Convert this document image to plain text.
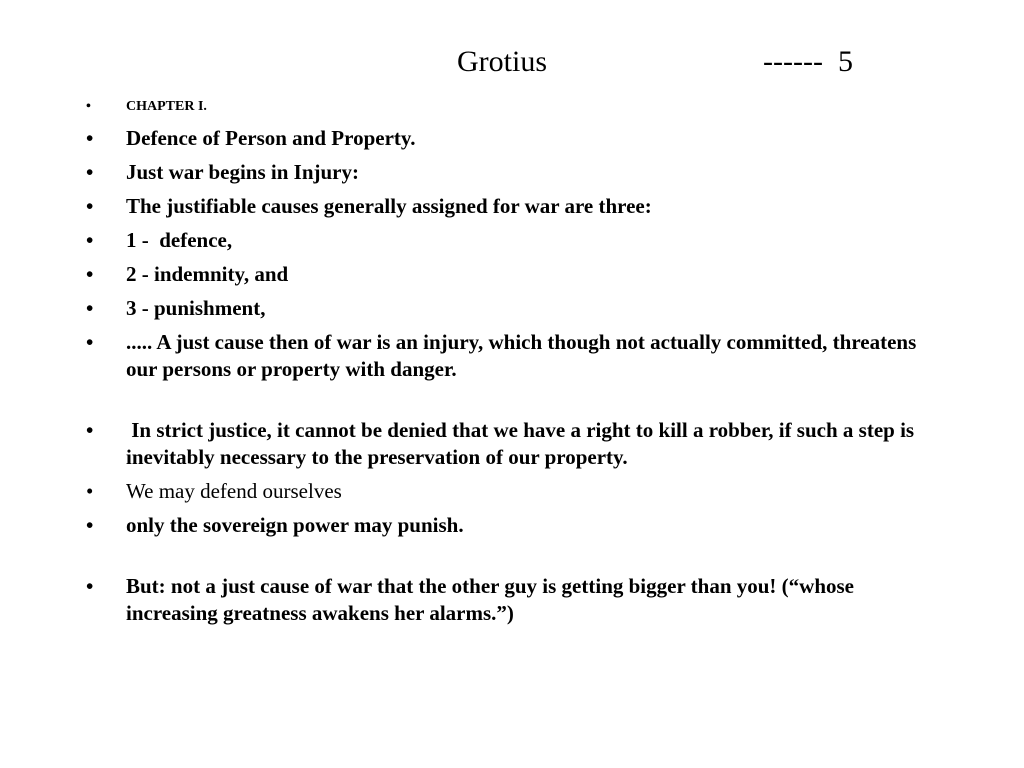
Grotius	------  5
•	CHAPTER I.
•	Defence of Person and Property.
•	Just war begins in Injury:
•	The justifiable causes generally assigned for war are three:
•	1 -  defence,
•	2 - indemnity, and
•	3 - punishment,
•	..... A just cause then of war is an injury, which though not actually committed, threatens our persons or property with danger.
•	In strict justice, it cannot be denied that we have a right to kill a robber, if such a step is inevitably necessary to the preservation of our property.
•	We may defend ourselves
•	only the sovereign power may punish.
•	But: not a just cause of war that the other guy is getting bigger than you! (“whose increasing greatness awakens her alarms.”)
